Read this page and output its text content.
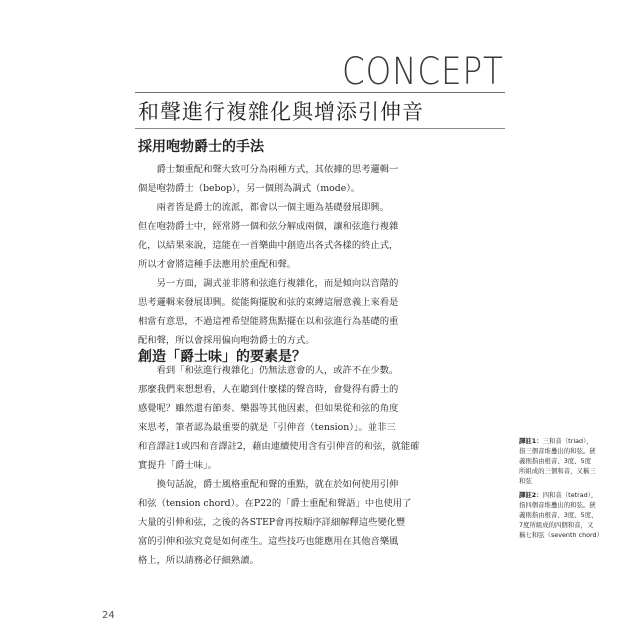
CONCEPT
和聲進行複雜化與增添引伸音
採用咆勃爵士的手法
爵士類重配和聲大致可分為兩種方式，其依據的思考邏輯一
個是咆勃爵士（bebop），另一個則為調式（mode）。
兩者皆是爵士的流派，都會以一個主題為基礎發展即興。
但在咆勃爵士中，經常將一個和弦分解成兩個，讓和弦進行複雜
化，以結果來說，這能在一首樂曲中創造出各式各樣的終止式，
所以才會將這種手法應用於重配和聲。
另一方面，調式並非將和弦進行複雜化，而是傾向以音階的
思考邏輯來發展即興。從能夠擺脫和弦的束縛這層意義上來看是
相當有意思，不過這裡希望能將焦點擺在以和弦進行為基礎的重
配和聲，所以會採用偏向咆勃爵士的方式。
創造「爵士味」的要素是？
看到「和弦進行複雜化」仍無法意會的人，或許不在少數。
那麼我們來想想看，人在聽到什麼樣的聲音時，會覺得有爵士的
感覺呢？雖然還有節奏、樂器等其他因素，但如果從和弦的角度
來思考，筆者認為最重要的就是「引伸音（tension）」。並非三
和音譯註1或四和音譯註2，藉由連續使用含有引伸音的和弦，就能確
實提升「爵士味」。
換句話說，爵士風格重配和聲的重點，就在於如何使用引伸
和弦（tension chord）。在P22的「爵士重配和聲語」中也使用了
大量的引伸和弦，之後的各STEP會再按順序詳細解釋這些變化豐
富的引伸和弦究竟是如何產生。這些技巧也能應用在其他音樂風
格上，所以請務必仔細熟讀。
譯註1：三和音（triad），
指三個音堆疊出的和弦。狹
義則指由根音、3度、5度
所組成的三個和音，又稱三
和弦
譯註2：四和音（tetrad），
指四個音堆疊出的和弦。狹
義則指由根音、3度、5度、
7度所組成的四個和音，又
稱七和弦（seventh chord）
24
